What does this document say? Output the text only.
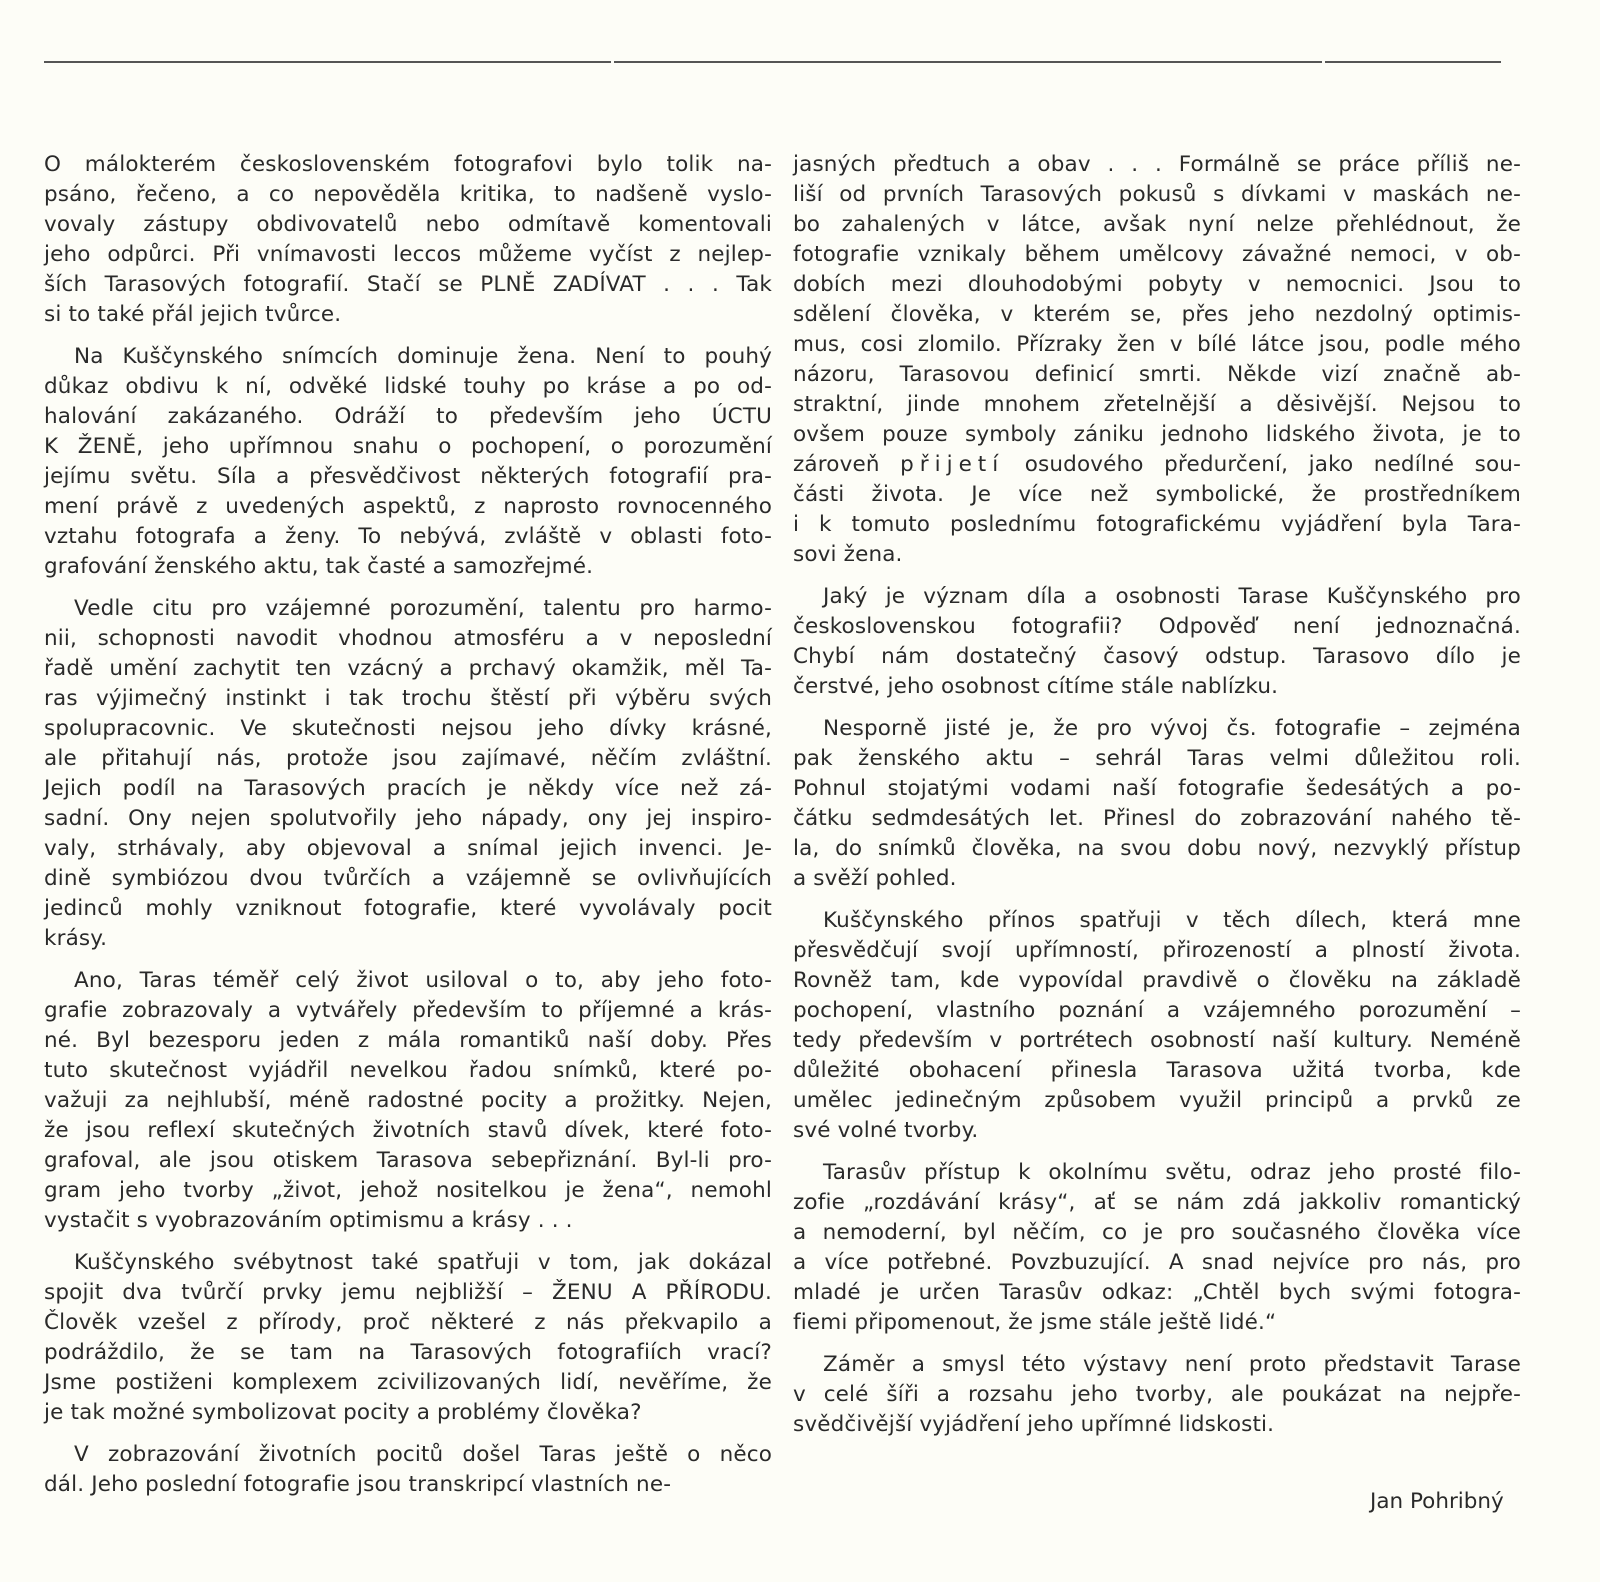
O málokterém československém fotografovi bylo tolik na-
psáno, řečeno, a co nepověděla kritika, to nadšeně vyslo-
vovaly zástupy obdivovatelů nebo odmítavě komentovali
jeho odpůrci. Při vnímavosti leccos můžeme vyčíst z nejlep-
ších Tarasových fotografií. Stačí se PLNĚ ZADÍVAT . . . Tak
si to také přál jejich tvůrce.
Na Kuščynského snímcích dominuje žena. Není to pouhý
důkaz obdivu k ní, odvěké lidské touhy po kráse a po od-
halování zakázaného. Odráží to především jeho ÚCTU
K ŽENĚ, jeho upřímnou snahu o pochopení, o porozumění
jejímu světu. Síla a přesvědčivost některých fotografií pra-
mení právě z uvedených aspektů, z naprosto rovnocenného
vztahu fotografa a ženy. To nebývá, zvláště v oblasti foto-
grafování ženského aktu, tak časté a samozřejmé.
Vedle citu pro vzájemné porozumění, talentu pro harmo-
nii, schopnosti navodit vhodnou atmosféru a v neposlední
řadě umění zachytit ten vzácný a prchavý okamžik, měl Ta-
ras výjimečný instinkt i tak trochu štěstí při výběru svých
spolupracovnic. Ve skutečnosti nejsou jeho dívky krásné,
ale přitahují nás, protože jsou zajímavé, něčím zvláštní.
Jejich podíl na Tarasových pracích je někdy více než zá-
sadní. Ony nejen spolutvořily jeho nápady, ony jej inspiro-
valy, strhávaly, aby objevoval a snímal jejich invenci. Je-
dině symbiózou dvou tvůrčích a vzájemně se ovlivňujících
jedinců mohly vzniknout fotografie, které vyvolávaly pocit
krásy.
Ano, Taras téměř celý život usiloval o to, aby jeho foto-
grafie zobrazovaly a vytvářely především to příjemné a krás-
né. Byl bezesporu jeden z mála romantiků naší doby. Přes
tuto skutečnost vyjádřil nevelkou řadou snímků, které po-
važuji za nejhlubší, méně radostné pocity a prožitky. Nejen,
že jsou reflexí skutečných životních stavů dívek, které foto-
grafoval, ale jsou otiskem Tarasova sebepřiznání. Byl-li pro-
gram jeho tvorby „život, jehož nositelkou je žena“, nemohl
vystačit s vyobrazováním optimismu a krásy . . .
Kuščynského svébytnost také spatřuji v tom, jak dokázal
spojit dva tvůrčí prvky jemu nejbližší – ŽENU A PŘÍRODU.
Člověk vzešel z přírody, proč některé z nás překvapilo a
podráždilo, že se tam na Tarasových fotografiích vrací?
Jsme postiženi komplexem zcivilizovaných lidí, nevěříme, že
je tak možné symbolizovat pocity a problémy člověka?
V zobrazování životních pocitů došel Taras ještě o něco
dál. Jeho poslední fotografie jsou transkripcí vlastních ne-
jasných předtuch a obav . . . Formálně se práce příliš ne-
liší od prvních Tarasových pokusů s dívkami v maskách ne-
bo zahalených v látce, avšak nyní nelze přehlédnout, že
fotografie vznikaly během umělcovy závažné nemoci, v ob-
dobích mezi dlouhodobými pobyty v nemocnici. Jsou to
sdělení člověka, v kterém se, přes jeho nezdolný optimis-
mus, cosi zlomilo. Přízraky žen v bílé látce jsou, podle mého
názoru, Tarasovou definicí smrti. Někde vizí značně ab-
straktní, jinde mnohem zřetelnější a děsivější. Nejsou to
ovšem pouze symboly zániku jednoho lidského života, je to
zároveň přijetí osudového předurčení, jako nedílné sou-
části života. Je více než symbolické, že prostředníkem
i k tomuto poslednímu fotografickému vyjádření byla Tara-
sovi žena.
Jaký je význam díla a osobnosti Tarase Kuščynského pro
československou fotografii? Odpověď není jednoznačná.
Chybí nám dostatečný časový odstup. Tarasovo dílo je
čerstvé, jeho osobnost cítíme stále nablízku.
Nesporně jisté je, že pro vývoj čs. fotografie – zejména
pak ženského aktu – sehrál Taras velmi důležitou roli.
Pohnul stojatými vodami naší fotografie šedesátých a po-
čátku sedmdesátých let. Přinesl do zobrazování nahého tě-
la, do snímků člověka, na svou dobu nový, nezvyklý přístup
a svěží pohled.
Kuščynského přínos spatřuji v těch dílech, která mne
přesvědčují svojí upřímností, přirozeností a plností života.
Rovněž tam, kde vypovídal pravdivě o člověku na základě
pochopení, vlastního poznání a vzájemného porozumění –
tedy především v portrétech osobností naší kultury. Neméně
důležité obohacení přinesla Tarasova užitá tvorba, kde
umělec jedinečným způsobem využil principů a prvků ze
své volné tvorby.
Tarasův přístup k okolnímu světu, odraz jeho prosté filo-
zofie „rozdávání krásy“, ať se nám zdá jakkoliv romantický
a nemoderní, byl něčím, co je pro současného člověka více
a více potřebné. Povzbuzující. A snad nejvíce pro nás, pro
mladé je určen Tarasův odkaz: „Chtěl bych svými fotogra-
fiemi připomenout, že jsme stále ještě lidé.“
Záměr a smysl této výstavy není proto představit Tarase
v celé šíři a rozsahu jeho tvorby, ale poukázat na nejpře-
svědčivější vyjádření jeho upřímné lidskosti.
Jan Pohribný
